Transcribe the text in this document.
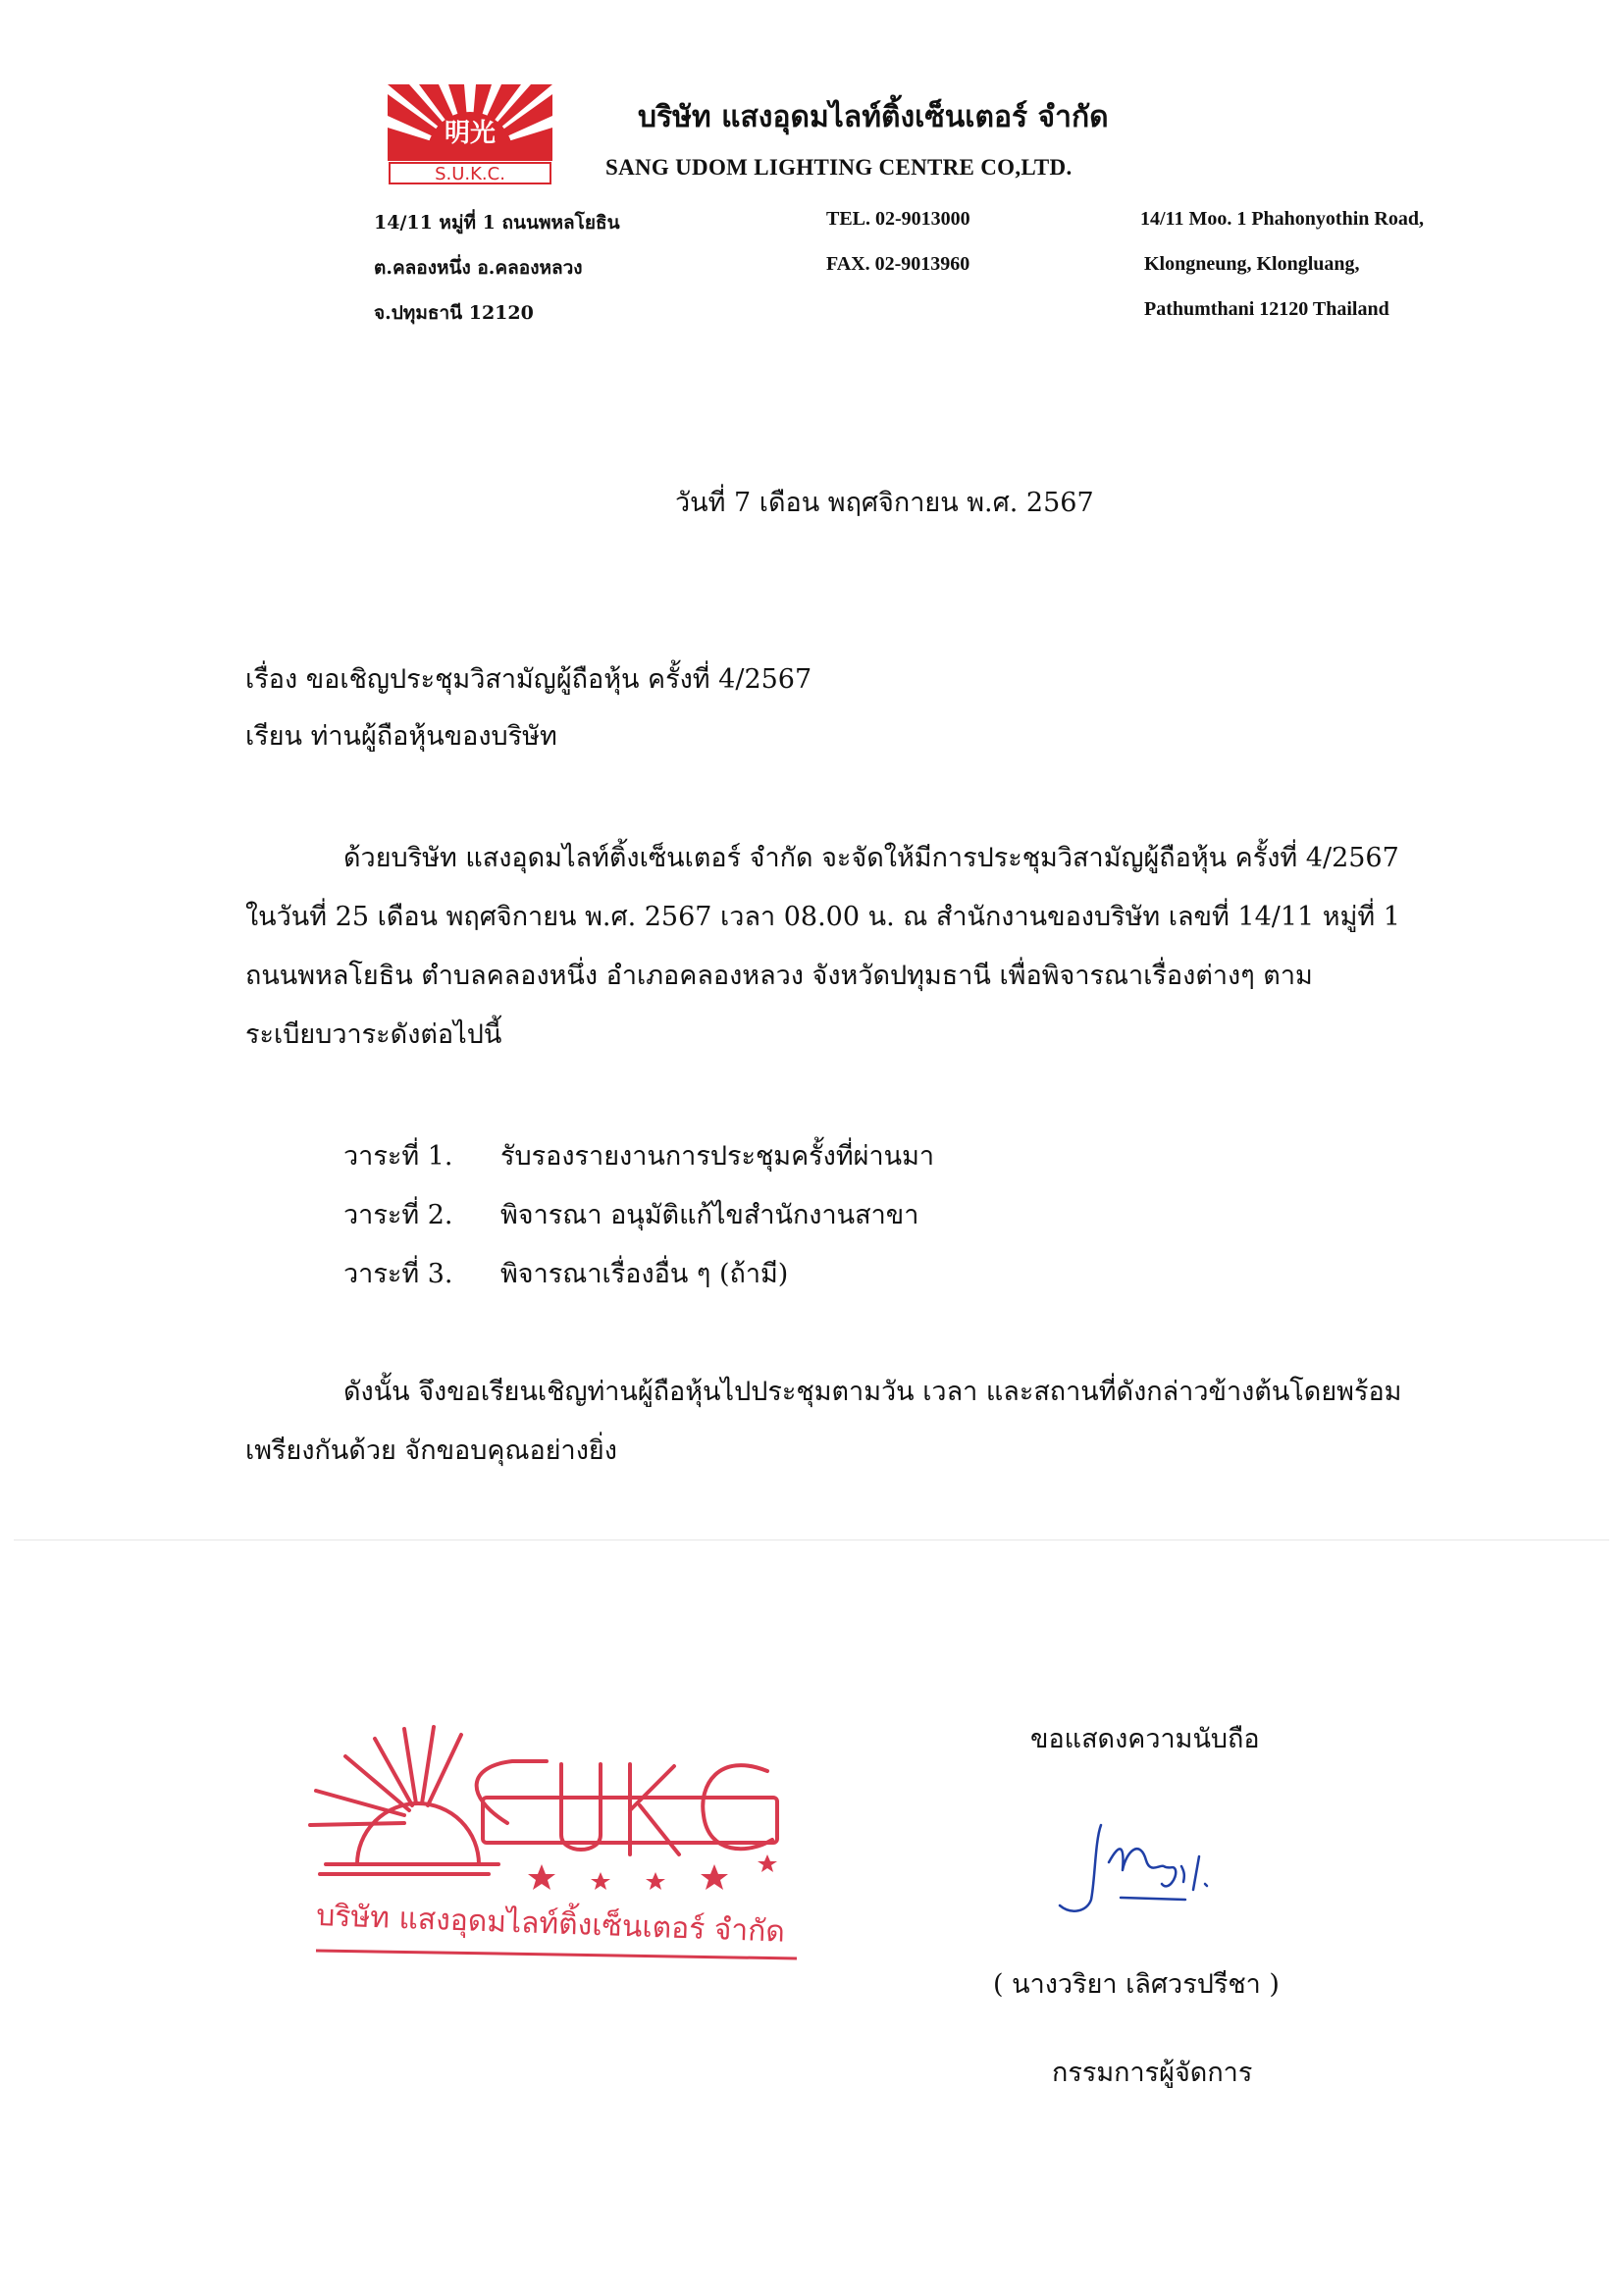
明光
S.U.K.C.
บริษัท แสงอุดมไลท์ติ้งเซ็นเตอร์ จำกัด
SANG UDOM LIGHTING CENTRE CO,LTD.
14/11 หมู่ที่ 1 ถนนพหลโยธิน
ต.คลองหนึ่ง อ.คลองหลวง
จ.ปทุมธานี 12120
TEL. 02-9013000
FAX. 02-9013960
14/11 Moo. 1 Phahonyothin Road,
Klongneung, Klongluang,
Pathumthani 12120 Thailand
วันที่ 7 เดือน พฤศจิกายน พ.ศ. 2567
เรื่อง ขอเชิญประชุมวิสามัญผู้ถือหุ้น ครั้งที่ 4/2567
เรียน ท่านผู้ถือหุ้นของบริษัท
ด้วยบริษัท แสงอุดมไลท์ติ้งเซ็นเตอร์ จำกัด จะจัดให้มีการประชุมวิสามัญผู้ถือหุ้น ครั้งที่ 4/2567
ในวันที่ 25 เดือน พฤศจิกายน พ.ศ. 2567 เวลา 08.00 น. ณ สำนักงานของบริษัท เลขที่ 14/11 หมู่ที่ 1
ถนนพหลโยธิน ตำบลคลองหนึ่ง อำเภอคลองหลวง จังหวัดปทุมธานี เพื่อพิจารณาเรื่องต่างๆ ตาม
ระเบียบวาระดังต่อไปนี้
วาระที่ 1. รับรองรายงานการประชุมครั้งที่ผ่านมา
วาระที่ 2. พิจารณา อนุมัติแก้ไขสำนักงานสาขา
วาระที่ 3. พิจารณาเรื่องอื่น ๆ (ถ้ามี)
ดังนั้น จึงขอเรียนเชิญท่านผู้ถือหุ้นไปประชุมตามวัน เวลา และสถานที่ดังกล่าวข้างต้นโดยพร้อม
เพรียงกันด้วย จักขอบคุณอย่างยิ่ง
บริษัท แสงอุดมไลท์ติ้งเซ็นเตอร์ จำกัด
ขอแสดงความนับถือ
( นางวริยา เลิศวรปรีชา )
กรรมการผู้จัดการ
